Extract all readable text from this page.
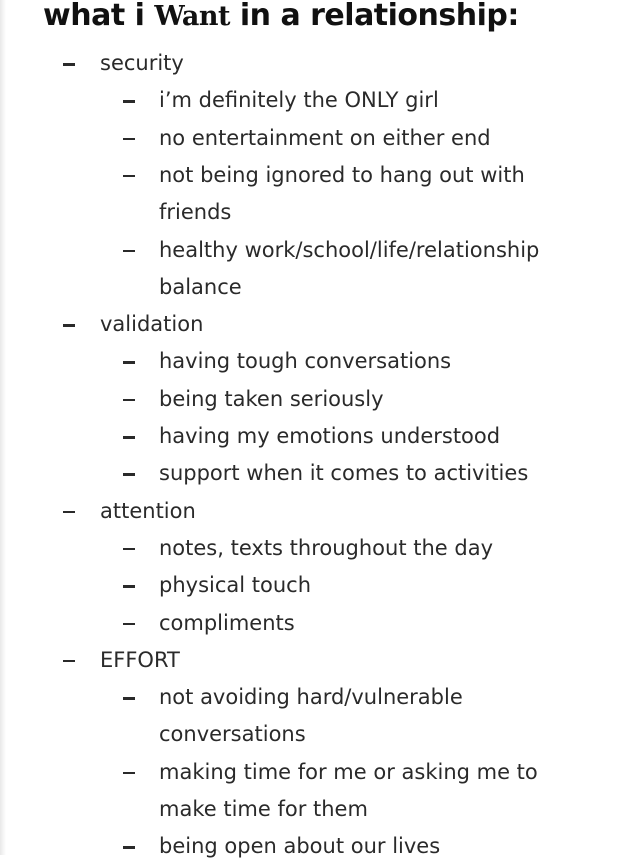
what i Want in a relationship:
security
i’m definitely the ONLY girl
no entertainment on either end
not being ignored to hang out with
friends
healthy work/school/life/relationship
balance
validation
having tough conversations
being taken seriously
having my emotions understood
support when it comes to activities
attention
notes, texts throughout the day
physical touch
compliments
EFFORT
not avoiding hard/vulnerable
conversations
making time for me or asking me to
make time for them
being open about our lives
